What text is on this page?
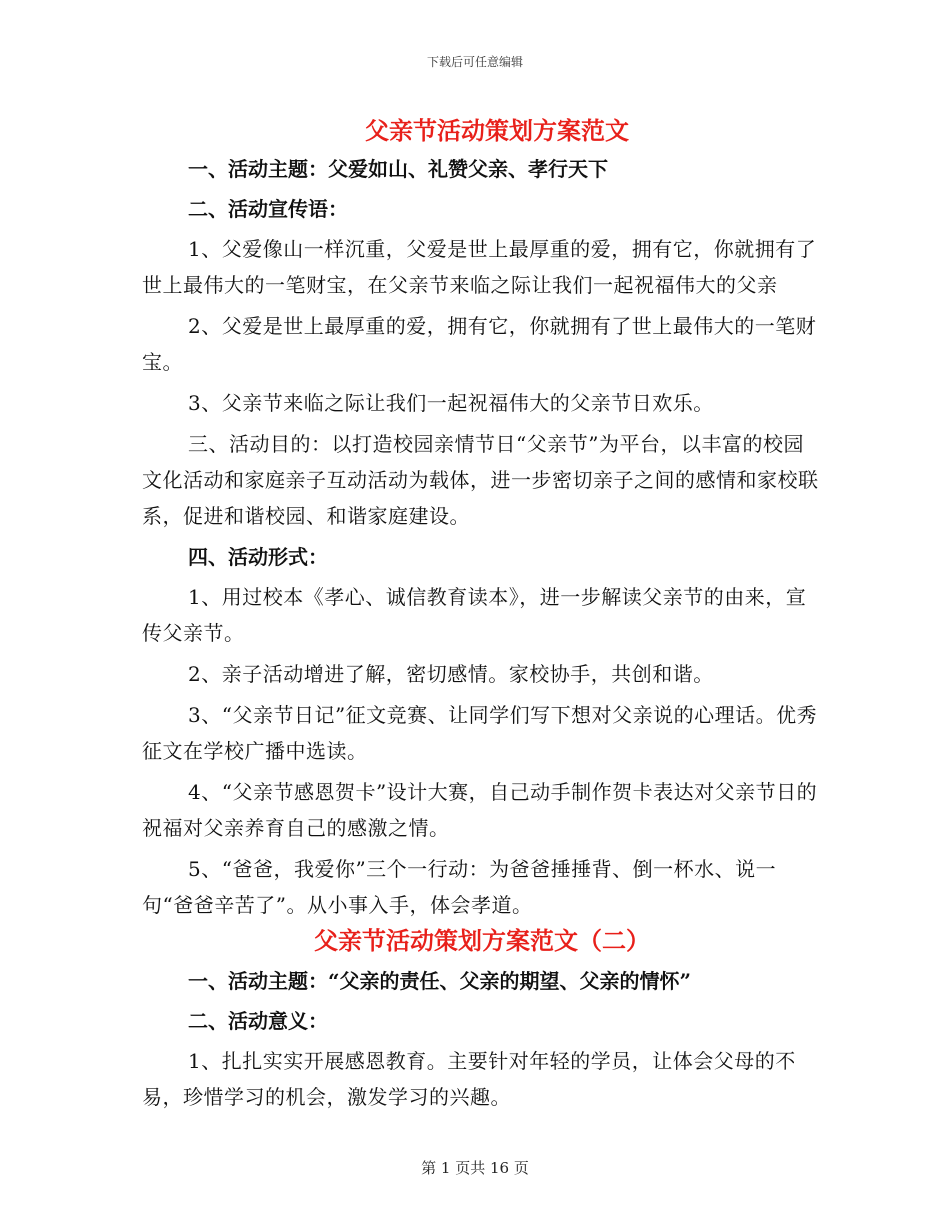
下载后可任意编辑
父亲节活动策划方案范文

一、活动主题：父爱如山、礼赞父亲、孝行天下

二、活动宣传语：

1、父爱像山一样沉重，父爱是世上最厚重的爱，拥有它，你就拥有了世上最伟大的一笔财宝，在父亲节来临之际让我们一起祝福伟大的父亲

2、父爱是世上最厚重的爱，拥有它，你就拥有了世上最伟大的一笔财宝。

3、父亲节来临之际让我们一起祝福伟大的父亲节日欢乐。

三、活动目的：以打造校园亲情节日“父亲节”为平台，以丰富的校园文化活动和家庭亲子互动活动为载体，进一步密切亲子之间的感情和家校联系，促进和谐校园、和谐家庭建设。

四、活动形式：

1、用过校本《孝心、诚信教育读本》，进一步解读父亲节的由来，宣传父亲节。

2、亲子活动增进了解，密切感情。家校协手，共创和谐。

3、“父亲节日记”征文竞赛、让同学们写下想对父亲说的心理话。优秀征文在学校广播中选读。

4、“父亲节感恩贺卡”设计大赛，自己动手制作贺卡表达对父亲节日的祝福对父亲养育自己的感激之情。

5、“爸爸，我爱你”三个一行动：为爸爸捶捶背、倒一杯水、说一句“爸爸辛苦了”。从小事入手，体会孝道。

父亲节活动策划方案范文（二）

一、活动主题：“父亲的责任、父亲的期望、父亲的情怀”

二、活动意义：

1、扎扎实实开展感恩教育。主要针对年轻的学员，让体会父母的不易，珍惜学习的机会，激发学习的兴趣。

第 1 页共 16 页
